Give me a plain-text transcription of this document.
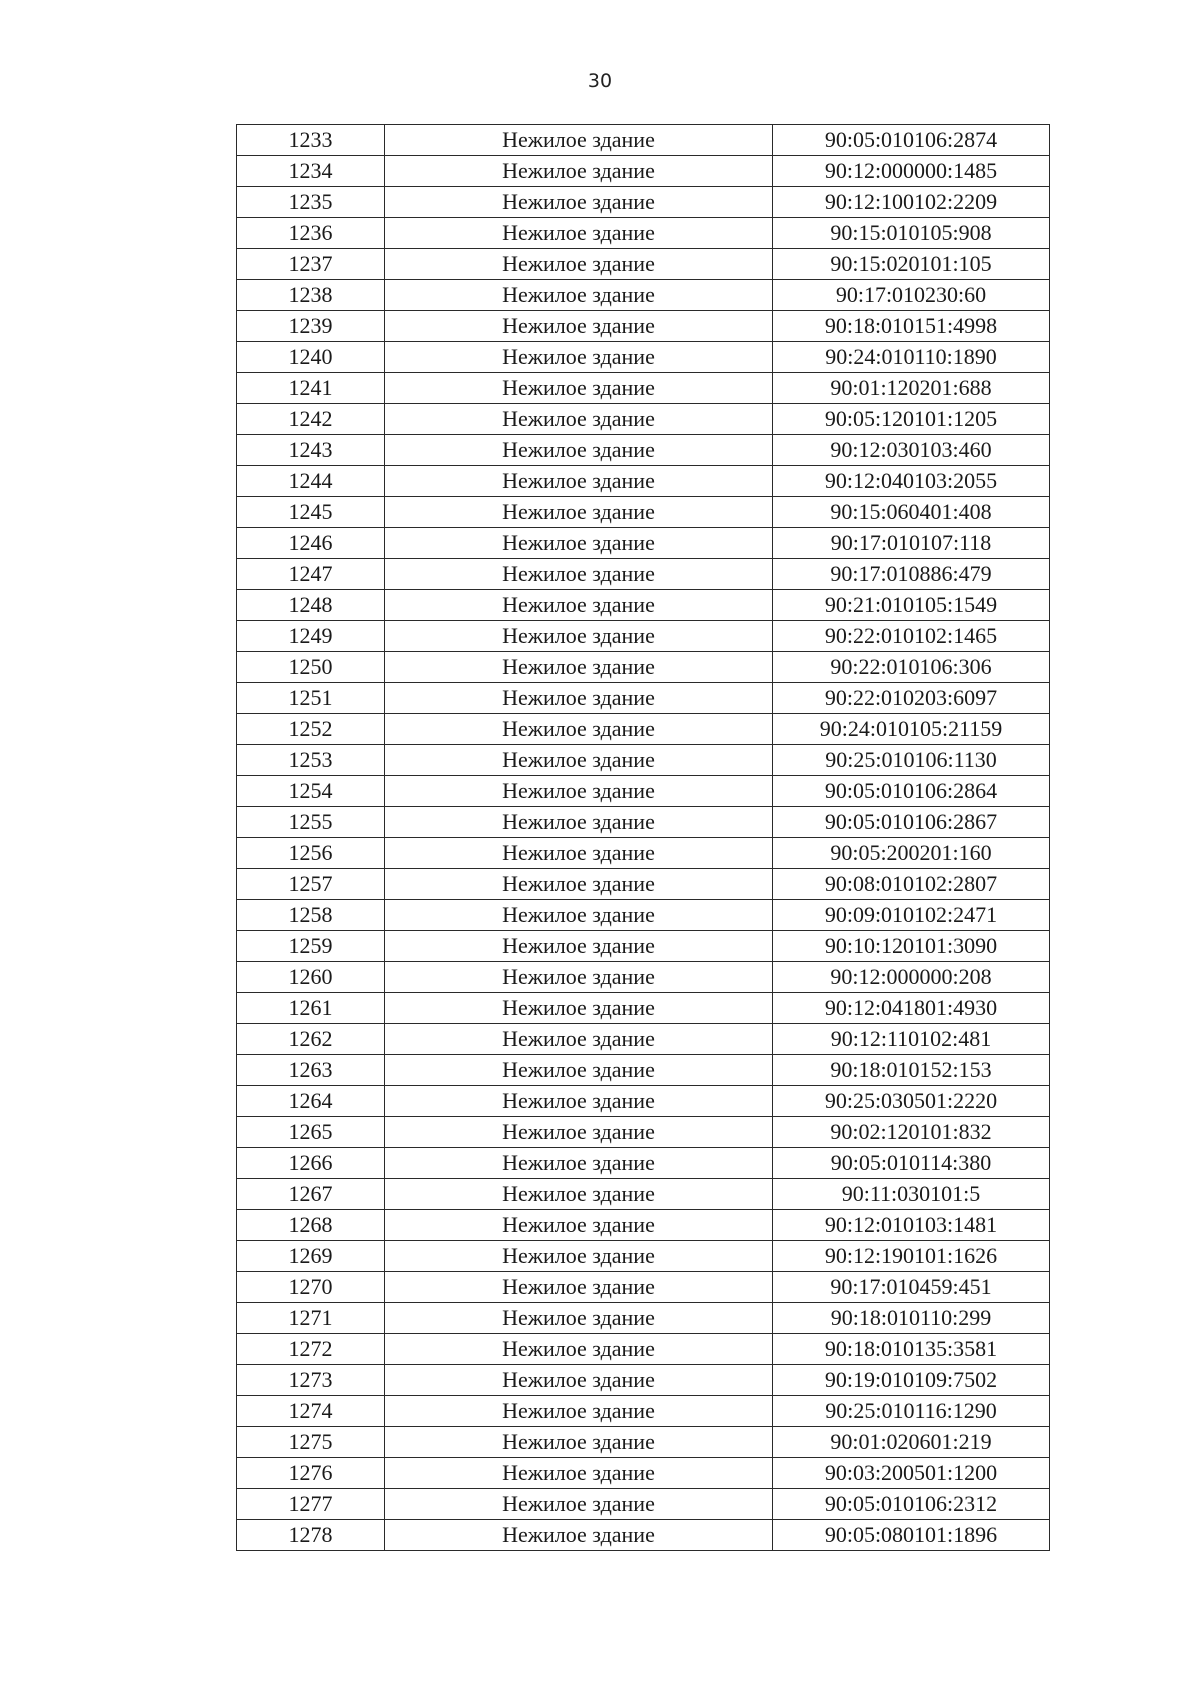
30
1233	Нежилое здание	90:05:010106:2874
1234	Нежилое здание	90:12:000000:1485
1235	Нежилое здание	90:12:100102:2209
1236	Нежилое здание	90:15:010105:908
1237	Нежилое здание	90:15:020101:105
1238	Нежилое здание	90:17:010230:60
1239	Нежилое здание	90:18:010151:4998
1240	Нежилое здание	90:24:010110:1890
1241	Нежилое здание	90:01:120201:688
1242	Нежилое здание	90:05:120101:1205
1243	Нежилое здание	90:12:030103:460
1244	Нежилое здание	90:12:040103:2055
1245	Нежилое здание	90:15:060401:408
1246	Нежилое здание	90:17:010107:118
1247	Нежилое здание	90:17:010886:479
1248	Нежилое здание	90:21:010105:1549
1249	Нежилое здание	90:22:010102:1465
1250	Нежилое здание	90:22:010106:306
1251	Нежилое здание	90:22:010203:6097
1252	Нежилое здание	90:24:010105:21159
1253	Нежилое здание	90:25:010106:1130
1254	Нежилое здание	90:05:010106:2864
1255	Нежилое здание	90:05:010106:2867
1256	Нежилое здание	90:05:200201:160
1257	Нежилое здание	90:08:010102:2807
1258	Нежилое здание	90:09:010102:2471
1259	Нежилое здание	90:10:120101:3090
1260	Нежилое здание	90:12:000000:208
1261	Нежилое здание	90:12:041801:4930
1262	Нежилое здание	90:12:110102:481
1263	Нежилое здание	90:18:010152:153
1264	Нежилое здание	90:25:030501:2220
1265	Нежилое здание	90:02:120101:832
1266	Нежилое здание	90:05:010114:380
1267	Нежилое здание	90:11:030101:5
1268	Нежилое здание	90:12:010103:1481
1269	Нежилое здание	90:12:190101:1626
1270	Нежилое здание	90:17:010459:451
1271	Нежилое здание	90:18:010110:299
1272	Нежилое здание	90:18:010135:3581
1273	Нежилое здание	90:19:010109:7502
1274	Нежилое здание	90:25:010116:1290
1275	Нежилое здание	90:01:020601:219
1276	Нежилое здание	90:03:200501:1200
1277	Нежилое здание	90:05:010106:2312
1278	Нежилое здание	90:05:080101:1896
